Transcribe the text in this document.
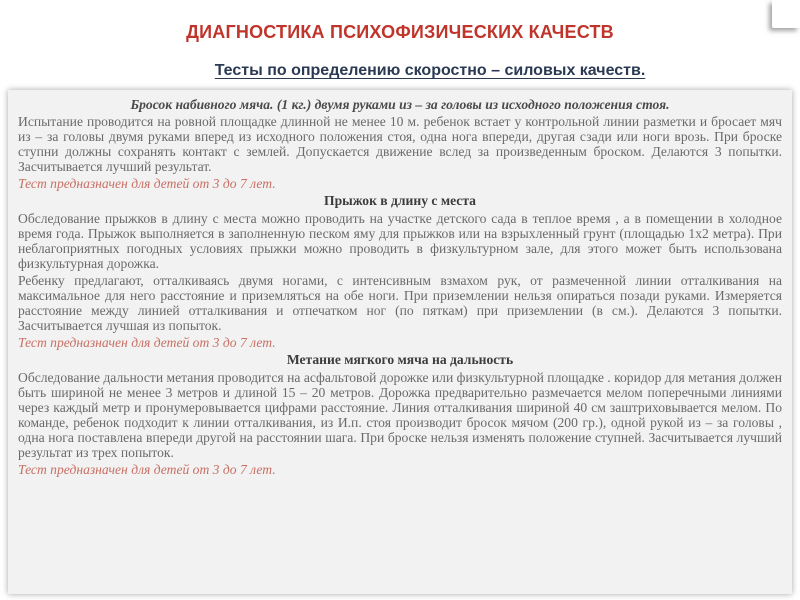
ДИАГНОСТИКА ПСИХОФИЗИЧЕСКИХ КАЧЕСТВ
Тесты по определению скоростно – силовых качеств.

Бросок набивного мяча. (1 кг.) двумя руками из – за головы из исходного положения стоя.

Испытание проводится на ровной площадке длинной не менее 10 м. ребенок встает у контрольной линии разметки и бросает мяч из – за головы двумя руками вперед из исходного положения стоя, одна нога впереди, другая сзади или ноги врозь. При броске ступни должны сохранять контакт с землей. Допускается движение вслед за произведенным броском. Делаются 3 попытки. Засчитывается лучший результат.

Тест предназначен для детей от 3 до 7 лет.

Прыжок в длину с места

Обследование прыжков в длину с места можно проводить на участке детского сада в теплое время , а в помещении в холодное время года. Прыжок выполняется в заполненную песком яму для прыжков или на взрыхленный грунт (площадью 1х2 метра). При неблагоприятных погодных условиях прыжки можно проводить в физкультурном зале, для этого может быть использована физкультурная дорожка.

Ребенку предлагают, отталкиваясь двумя ногами, с интенсивным взмахом рук, от размеченной линии отталкивания на максимальное для него расстояние и приземляться на обе ноги. При приземлении нельзя опираться позади руками. Измеряется расстояние между линией отталкивания и отпечатком ног (по пяткам) при приземлении (в см.). Делаются 3 попытки. Засчитывается лучшая из попыток.

Тест предназначен для детей от 3 до 7 лет.

Метание мягкого мяча на дальность

Обследование дальности метания проводится на асфальтовой дорожке или физкультурной площадке . коридор для метания должен быть шириной не менее 3 метров и длиной 15 – 20 метров. Дорожка предварительно размечается мелом поперечными линиями через каждый метр и пронумеровывается цифрами расстояние. Линия отталкивания шириной 40 см заштриховывается мелом. По команде, ребенок подходит к линии отталкивания, из И.п. стоя производит бросок мячом (200 гр.), одной рукой из – за головы , одна нога поставлена впереди другой на расстоянии шага. При броске нельзя изменять положение ступней. Засчитывается лучший результат из трех попыток.

Тест предназначен для детей от 3 до 7 лет.
